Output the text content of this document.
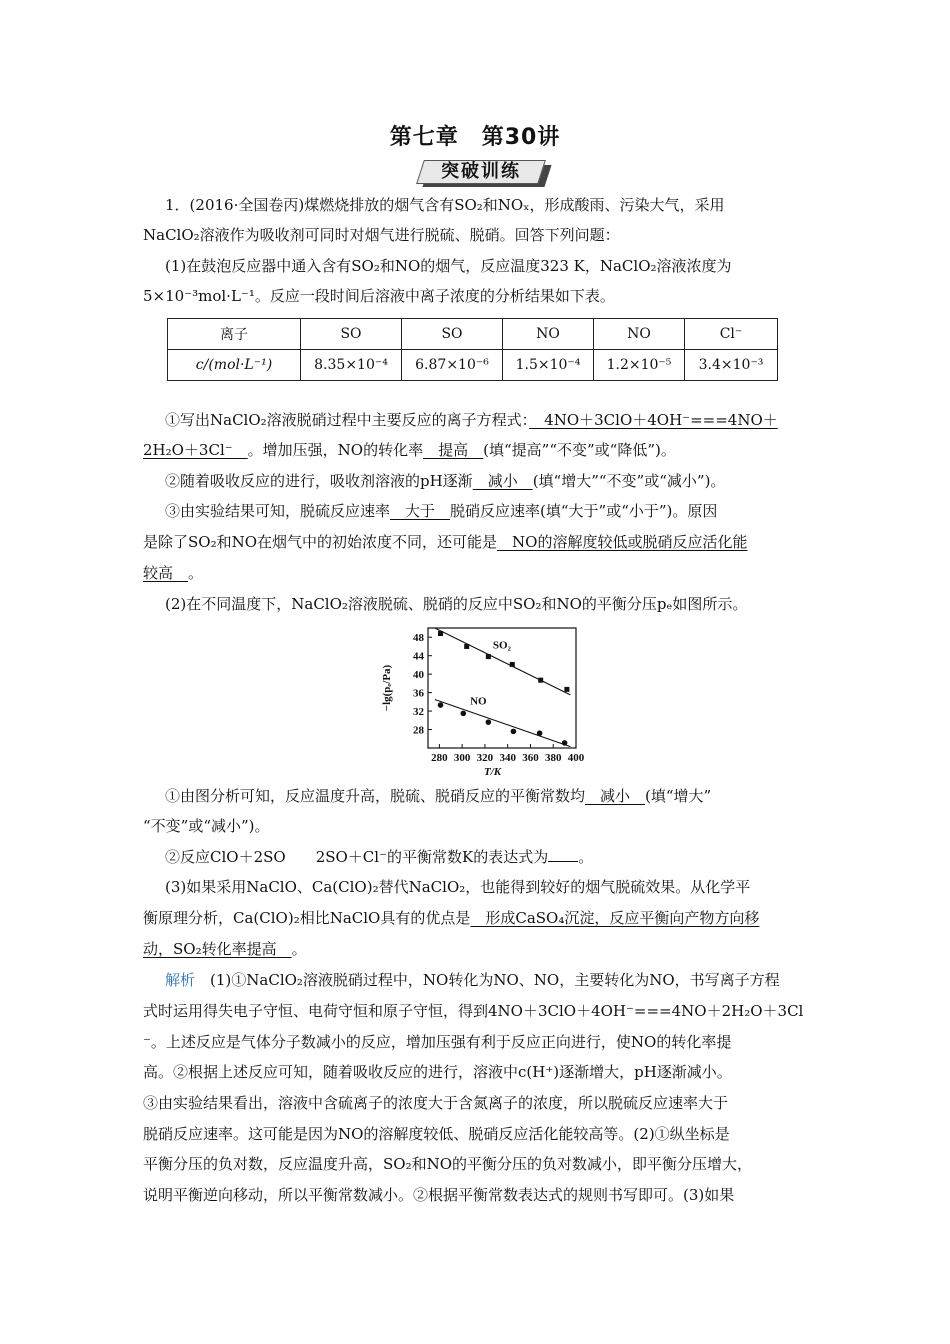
第七章　第30讲
突破训练
1．(2016·全国卷丙)煤燃烧排放的烟气含有SO₂和NOₓ，形成酸雨、污染大气，采用
NaClO₂溶液作为吸收剂可同时对烟气进行脱硫、脱硝。回答下列问题：
(1)在鼓泡反应器中通入含有SO₂和NO的烟气，反应温度323 K，NaClO₂溶液浓度为
5×10⁻³mol·L⁻¹。反应一段时间后溶液中离子浓度的分析结果如下表。
离子	SO	SO	NO	NO	Cl⁻
c/(mol·L⁻¹)	8.35×10⁻⁴	6.87×10⁻⁶	1.5×10⁻⁴	1.2×10⁻⁵	3.4×10⁻³
①写出NaClO₂溶液脱硝过程中主要反应的离子方程式：　4NO＋3ClO＋4OH⁻===4NO＋
2H₂O＋3Cl⁻　。增加压强，NO的转化率　提高　(填“提高”“不变”或“降低”)。
②随着吸收反应的进行，吸收剂溶液的pH逐渐　减小　(填“增大”“不变”或“减小”)。
③由实验结果可知，脱硫反应速率　大于　脱硝反应速率(填“大于”或“小于”)。原因
是除了SO₂和NO在烟气中的初始浓度不同，还可能是　NO的溶解度较低或脱硝反应活化能
较高　。
(2)在不同温度下，NaClO₂溶液脱硫、脱硝的反应中SO₂和NO的平衡分压pₑ如图所示。
280 300 320 340 360 380 400
28
32
36
40
44
48
T/K
−lg(pₑ/Pa)
SO₂
NO
①由图分析可知，反应温度升高，脱硫、脱硝反应的平衡常数均　减小　(填“增大”
“不变”或“减小”)。
②反应ClO＋2SO　　2SO＋Cl⁻的平衡常数K的表达式为 。
(3)如果采用NaClO、Ca(ClO)₂替代NaClO₂，也能得到较好的烟气脱硫效果。从化学平
衡原理分析，Ca(ClO)₂相比NaClO具有的优点是　形成CaSO₄沉淀，反应平衡向产物方向移
动，SO₂转化率提高　。
解析　 (1)①NaClO₂溶液脱硝过程中，NO转化为NO、NO，主要转化为NO，书写离子方程
式时运用得失电子守恒、电荷守恒和原子守恒，得到4NO＋3ClO＋4OH⁻===4NO＋2H₂O＋3Cl
⁻。上述反应是气体分子数减小的反应，增加压强有利于反应正向进行，使NO的转化率提
高。②根据上述反应可知，随着吸收反应的进行，溶液中c(H⁺)逐渐增大，pH逐渐减小。
③由实验结果看出，溶液中含硫离子的浓度大于含氮离子的浓度，所以脱硫反应速率大于
脱硝反应速率。这可能是因为NO的溶解度较低、脱硝反应活化能较高等。(2)①纵坐标是
平衡分压的负对数，反应温度升高，SO₂和NO的平衡分压的负对数减小，即平衡分压增大，
说明平衡逆向移动，所以平衡常数减小。②根据平衡常数表达式的规则书写即可。(3)如果
